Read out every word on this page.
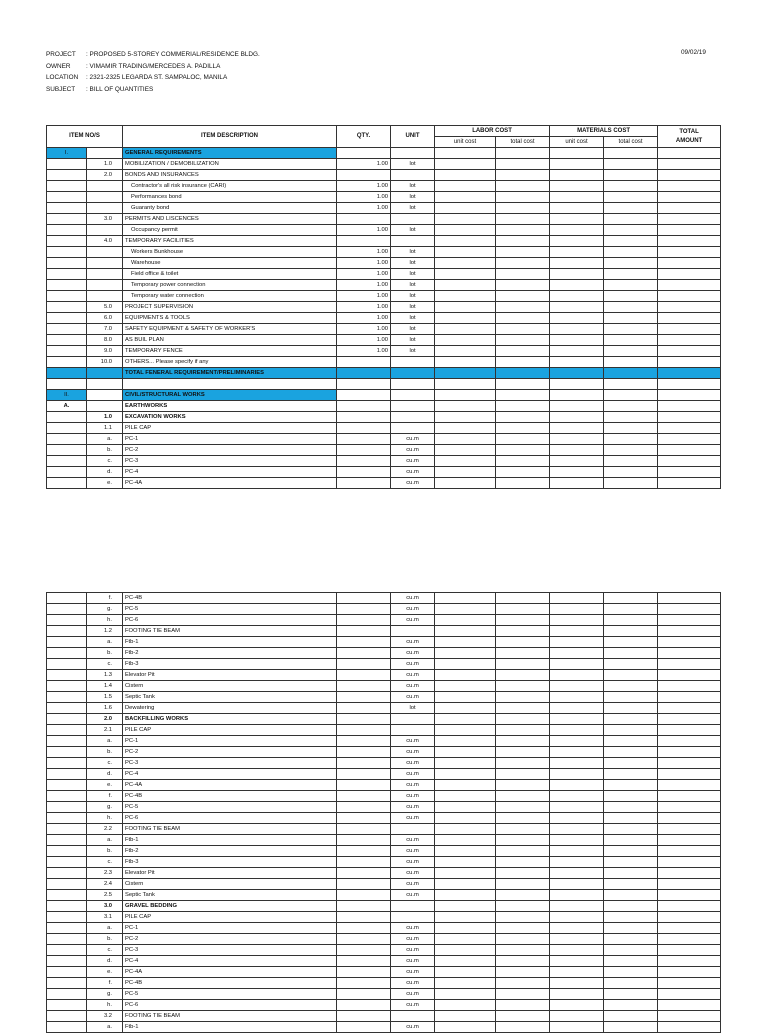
PROJECT	: PROPOSED 5-STOREY COMMERIAL/RESIDENCE BLDG.
OWNER	: VIMAMIR TRADING/MERCEDES A. PADILLA
LOCATION	: 2321-2325 LEGARDA ST. SAMPALOC, MANILA
SUBJECT	: BILL OF QUANTITIES
09/02/19
ITEM NO/S		ITEM DESCRIPTION	QTY.	UNIT	LABOR COST		MATERIALS COST		TOTAL
AMOUNT
					unit cost	total cost	unit cost	total cost	
I.		GENERAL REQUIREMENTS							
	1.0	MOBILIZATION / DEMOBILIZATION	1.00	lot					
	2.0	BONDS AND INSURANCES							
		Contractor's all risk insurance (CARI)	1.00	lot					
		Performances bond	1.00	lot					
		Guaranty bond	1.00	lot					
	3.0	PERMITS AND LISCENCES							
		Occupancy permit	1.00	lot					
	4.0	TEMPORARY FACILITIES							
		Workers Bunkhouse	1.00	lot					
		Warehouse	1.00	lot					
		Field office & toilet	1.00	lot					
		Temporary power connection	1.00	lot					
		Temporary water connection	1.00	lot					
	5.0	PROJECT SUPERVISION	1.00	lot					
	6.0	EQUIPMENTS & TOOLS	1.00	lot					
	7.0	SAFETY EQUIPMENT & SAFETY OF WORKER'S	1.00	lot					
	8.0	AS BUIL PLAN	1.00	lot					
	9.0	TEMPORARY FENCE	1.00	lot					
	10.0	OTHERS... Please specify if any							
		TOTAL FENERAL REQUIREMENT/PRELIMINARIES							

II.		CIVIL/STRUCTURAL WORKS							
A.		EARTHWORKS							
	1.0	EXCAVATION WORKS							
	1.1	PILE CAP							
	a.	PC-1		cu.m					
	b.	PC-2		cu.m					
	c.	PC-3		cu.m					
	d.	PC-4		cu.m					
	e.	PC-4A		cu.m					
	f.	PC-4B		cu.m					
	g.	PC-5		cu.m					
	h.	PC-6		cu.m					
	1.2	FOOTING TIE BEAM							
	a.	Ftb-1		cu.m					
	b.	Ftb-2		cu.m					
	c.	Ftb-3		cu.m					
	1.3	Elevator Pit		cu.m					
	1.4	Cistern		cu.m					
	1.5	Septic Tank		cu.m					
	1.6	Dewatering		lot					
	2.0	BACKFILLING WORKS							
	2.1	PILE CAP							
	a.	PC-1		cu.m					
	b.	PC-2		cu.m					
	c.	PC-3		cu.m					
	d.	PC-4		cu.m					
	e.	PC-4A		cu.m					
	f.	PC-4B		cu.m					
	g.	PC-5		cu.m					
	h.	PC-6		cu.m					
	2.2	FOOTING TIE BEAM							
	a.	Ftb-1		cu.m					
	b.	Ftb-2		cu.m					
	c.	Ftb-3		cu.m					
	2.3	Elevator Pit		cu.m					
	2.4	Cistern		cu.m					
	2.5	Septic Tank		cu.m					
	3.0	GRAVEL BEDDING							
	3.1	PILE CAP							
	a.	PC-1		cu.m					
	b.	PC-2		cu.m					
	c.	PC-3		cu.m					
	d.	PC-4		cu.m					
	e.	PC-4A		cu.m					
	f.	PC-4B		cu.m					
	g.	PC-5		cu.m					
	h.	PC-6		cu.m					
	3.2	FOOTING TIE BEAM							
	a.	Ftb-1		cu.m					
